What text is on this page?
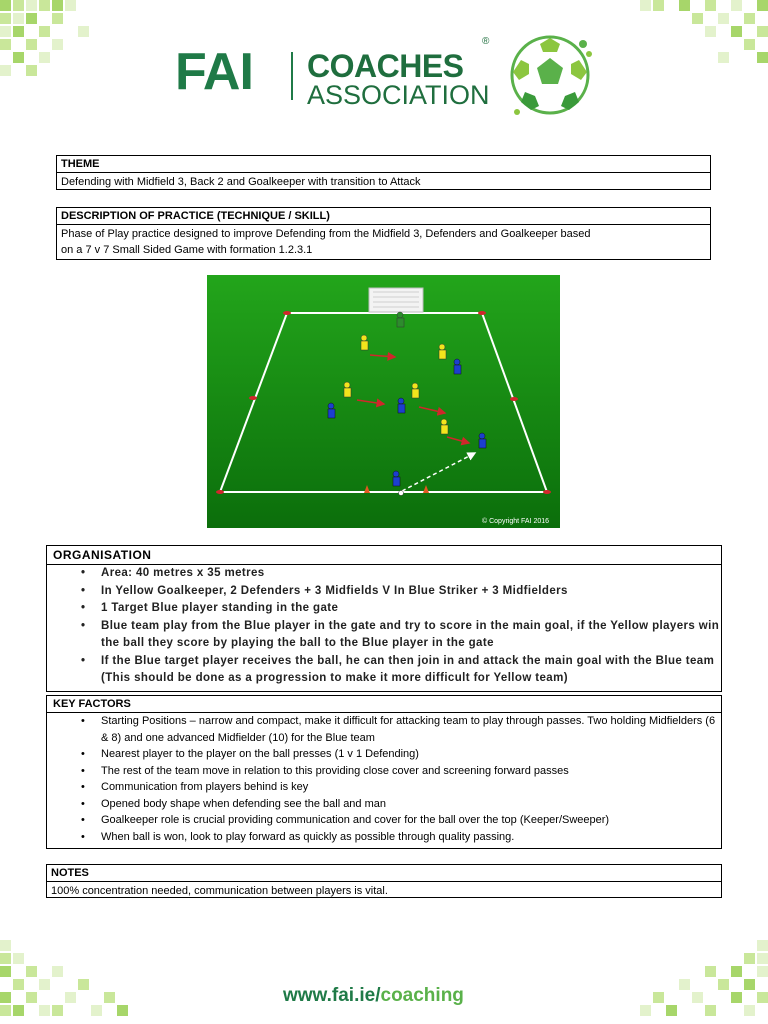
FAI COACHES
®
ASSOCIATION
THEME
Defending with Midfield 3, Back 2 and Goalkeeper with transition to Attack
DESCRIPTION OF PRACTICE (TECHNIQUE / SKILL)
Phase of Play practice designed to improve Defending from the Midfield 3, Defenders and Goalkeeper based
on a 7 v 7 Small Sided Game with formation 1.2.3.1
© Copyright FAI 2016
ORGANISATION
• Area: 40 metres x 35 metres
• In Yellow Goalkeeper, 2 Defenders + 3 Midfields V In Blue Striker + 3 Midfielders
• 1 Target Blue player standing in the gate
• Blue team play from the Blue player in the gate and try to score in the main goal, if the Yellow players win the ball they score by playing the ball to the Blue player in the gate
• If the Blue target player receives the ball, he can then join in and attack the main goal with the Blue team (This should be done as a progression to make it more difficult for Yellow team)
KEY FACTORS
• Starting Positions – narrow and compact, make it difficult for attacking team to play through passes. Two holding Midfielders (6 & 8) and one advanced Midfielder (10) for the Blue team
• Nearest player to the player on the ball presses (1 v 1 Defending)
• The rest of the team move in relation to this providing close cover and screening forward passes
• Communication from players behind is key
• Opened body shape when defending see the ball and man
• Goalkeeper role is crucial providing communication and cover for the ball over the top (Keeper/Sweeper)
• When ball is won, look to play forward as quickly as possible through quality passing.
NOTES
100% concentration needed, communication between players is vital.
www.fai.ie/coaching
